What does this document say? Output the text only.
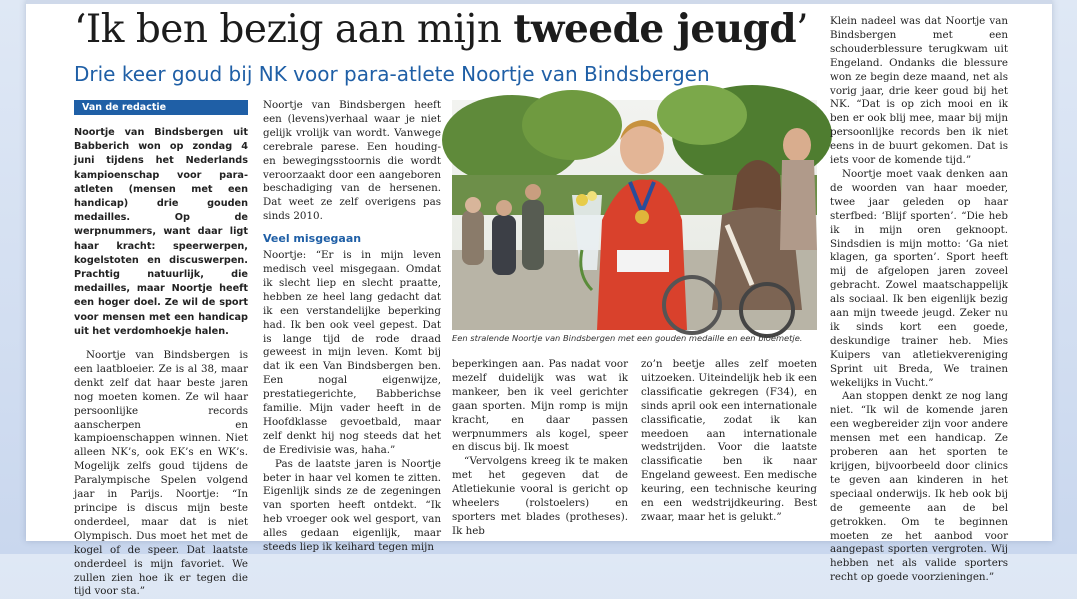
‘Ik ben bezig aan mijn tweede jeugd’
Drie keer goud bij NK voor para-atlete Noortje van Bindsbergen
Van de redactie

Noortje van Bindsbergen uit Babberich won op zondag 4 juni tijdens het Nederlands kampioenschap voor para-atleten (mensen met een handicap) drie gouden medailles. Op de werpnummers, want daar ligt haar kracht: speerwerpen, kogelstoten en discuswerpen. Prachtig natuurlijk, die medailles, maar Noortje heeft een hoger doel. Ze wil de sport voor mensen met een handicap uit het verdomhoekje halen.

Noortje van Bindsbergen is een laatbloeier. Ze is al 38, maar denkt zelf dat haar beste jaren nog moeten komen. Ze wil haar persoonlijke records aanscherpen en kampioenschappen winnen. Niet alleen NK’s, ook EK’s en WK’s. Mogelijk zelfs goud tijdens de Paralympische Spelen volgend jaar in Parijs. Noortje: “In principe is discus mijn beste onderdeel, maar dat is niet Olympisch. Dus moet het met de kogel of de speer. Dat laatste onderdeel is mijn favoriet. We zullen zien hoe ik er tegen die tijd voor sta.”

Noortje van Bindsbergen heeft een (levens)verhaal waar je niet gelijk vrolijk van wordt. Vanwege cerebrale parese. Een houding- en bewegingsstoornis die wordt veroorzaakt door een aangeboren beschadiging van de hersenen. Dat weet ze zelf overigens pas sinds 2010.

Veel misgegaan

Noortje: “Er is in mijn leven medisch veel misgegaan. Omdat ik slecht liep en slecht praatte, hebben ze heel lang gedacht dat ik een verstandelijke beperking had. Ik ben ook veel gepest. Dat is lange tijd de rode draad geweest in mijn leven. Komt bij dat ik een Van Bindsbergen ben. Een nogal eigenwijze, prestatiegerichte, Babberichse familie. Mijn vader heeft in de Hoofdklasse gevoetbald, maar zelf denkt hij nog steeds dat het de Eredivisie was, haha.”

Pas de laatste jaren is Noortje beter in haar vel komen te zitten. Eigenlijk sinds ze de zegeningen van sporten heeft ontdekt. “Ik heb vroeger ook wel gesport, van alles gedaan eigenlijk, maar steeds liep ik keihard tegen mijn

Een stralende Noortje van Bindsbergen met een gouden medaille en een bloemetje.

beperkingen aan. Pas nadat voor mezelf duidelijk was wat ik mankeer, ben ik veel gerichter gaan sporten. Mijn romp is mijn kracht, en daar passen werpnummers als kogel, speer en discus bij. Ik moest

“Vervolgens kreeg ik te maken met het gegeven dat de Atletiekunie vooral is gericht op wheelers (rolstoelers) en sporters met blades (protheses). Ik heb

zo’n beetje alles zelf moeten uitzoeken. Uiteindelijk heb ik een classificatie gekregen (F34), en sinds april ook een internationale classificatie, zodat ik kan meedoen aan internationale wedstrijden. Voor die laatste classificatie ben ik naar Engeland geweest. Een medische keuring, een technische keuring en een wedstrijdkeuring. Best zwaar, maar het is gelukt.”

Klein nadeel was dat Noortje van Bindsbergen met een schouderblessure terugkwam uit Engeland. Ondanks die blessure won ze begin deze maand, net als vorig jaar, drie keer goud bij het NK. “Dat is op zich mooi en ik ben er ook blij mee, maar bij mijn persoonlijke records ben ik niet eens in de buurt gekomen. Dat is iets voor de komende tijd.”

Noortje moet vaak denken aan de woorden van haar moeder, twee jaar geleden op haar sterfbed: ‘Blijf sporten’. “Die heb ik in mijn oren geknoopt. Sindsdien is mijn motto: ‘Ga niet klagen, ga sporten’. Sport heeft mij de afgelopen jaren zoveel gebracht. Zowel maatschappelijk als sociaal. Ik ben eigenlijk bezig aan mijn tweede jeugd. Zeker nu ik sinds kort een goede, deskundige trainer heb. Mies Kuipers van atletiekvereniging Sprint uit Breda, We trainen wekelijks in Vucht.”

Aan stoppen denkt ze nog lang niet. “Ik wil de komende jaren een wegbereider zijn voor andere mensen met een handicap. Ze proberen aan het sporten te krijgen, bijvoorbeeld door clinics te geven aan kinderen in het speciaal onderwijs. Ik heb ook bij de gemeente aan de bel getrokken. Om te beginnen moeten ze het aanbod voor aangepast sporten vergroten. Wij hebben net als valide sporters recht op goede voorzieningen.”
